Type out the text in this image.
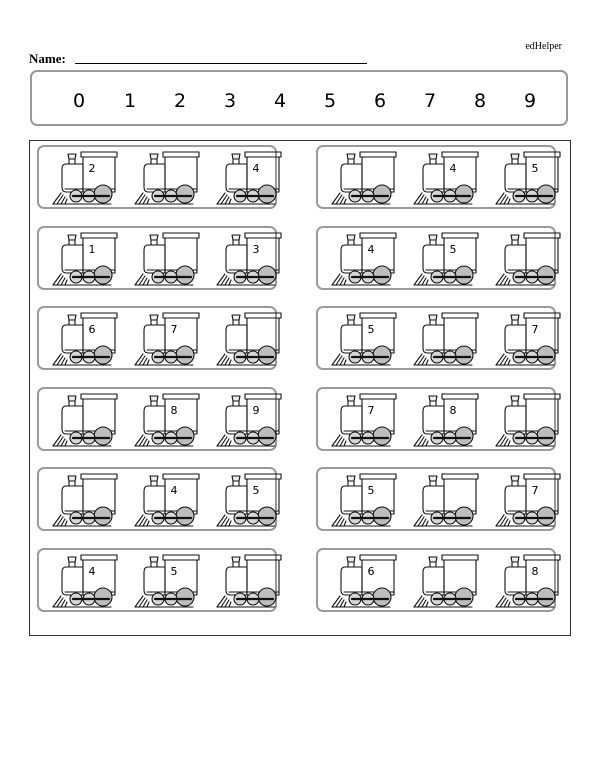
edHelper
Name:
0 1 2 3 4 5 6 7 8 9
2	4
1	3
6	7
8	9
4	5
4	5
4	5
4	5
5	7
7	8
5	7
6	8
